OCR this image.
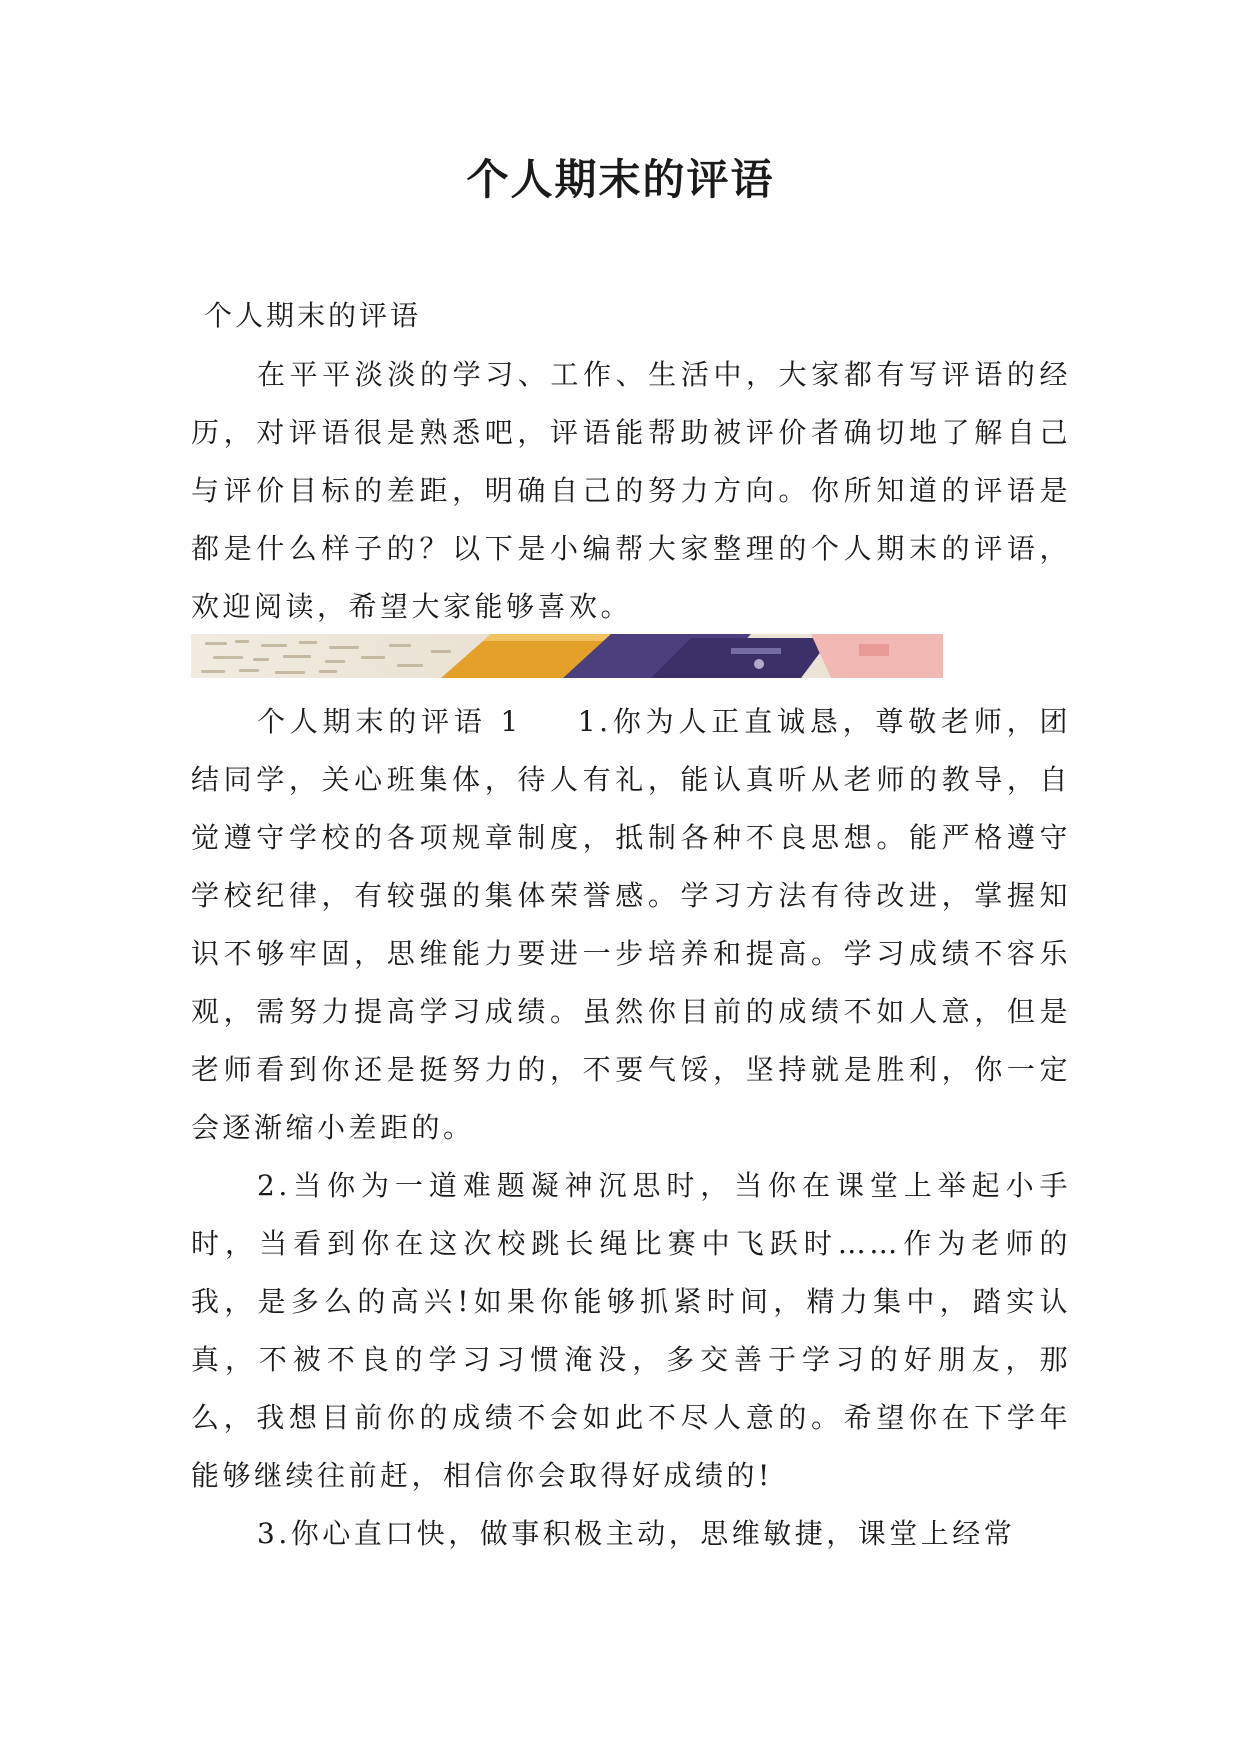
个人期末的评语

个人期末的评语

在平平淡淡的学习、工作、生活中，大家都有写评语的经历，对评语很是熟悉吧，评语能帮助被评价者确切地了解自己与评价目标的差距，明确自己的努力方向。你所知道的评语是都是什么样子的？以下是小编帮大家整理的个人期末的评语，欢迎阅读，希望大家能够喜欢。

个人期末的评语 1 1.你为人正直诚恳，尊敬老师，团结同学，关心班集体，待人有礼，能认真听从老师的教导，自觉遵守学校的各项规章制度，抵制各种不良思想。能严格遵守学校纪律，有较强的集体荣誉感。学习方法有待改进，掌握知识不够牢固，思维能力要进一步培养和提高。学习成绩不容乐观，需努力提高学习成绩。虽然你目前的成绩不如人意，但是老师看到你还是挺努力的，不要气馁，坚持就是胜利，你一定会逐渐缩小差距的。

2.当你为一道难题凝神沉思时，当你在课堂上举起小手时，当看到你在这次校跳长绳比赛中飞跃时……作为老师的我，是多么的高兴!如果你能够抓紧时间，精力集中，踏实认真，不被不良的学习习惯淹没，多交善于学习的好朋友，那么，我想目前你的成绩不会如此不尽人意的。希望你在下学年能够继续往前赶，相信你会取得好成绩的!

3.你心直口快，做事积极主动，思维敏捷，课堂上经常
